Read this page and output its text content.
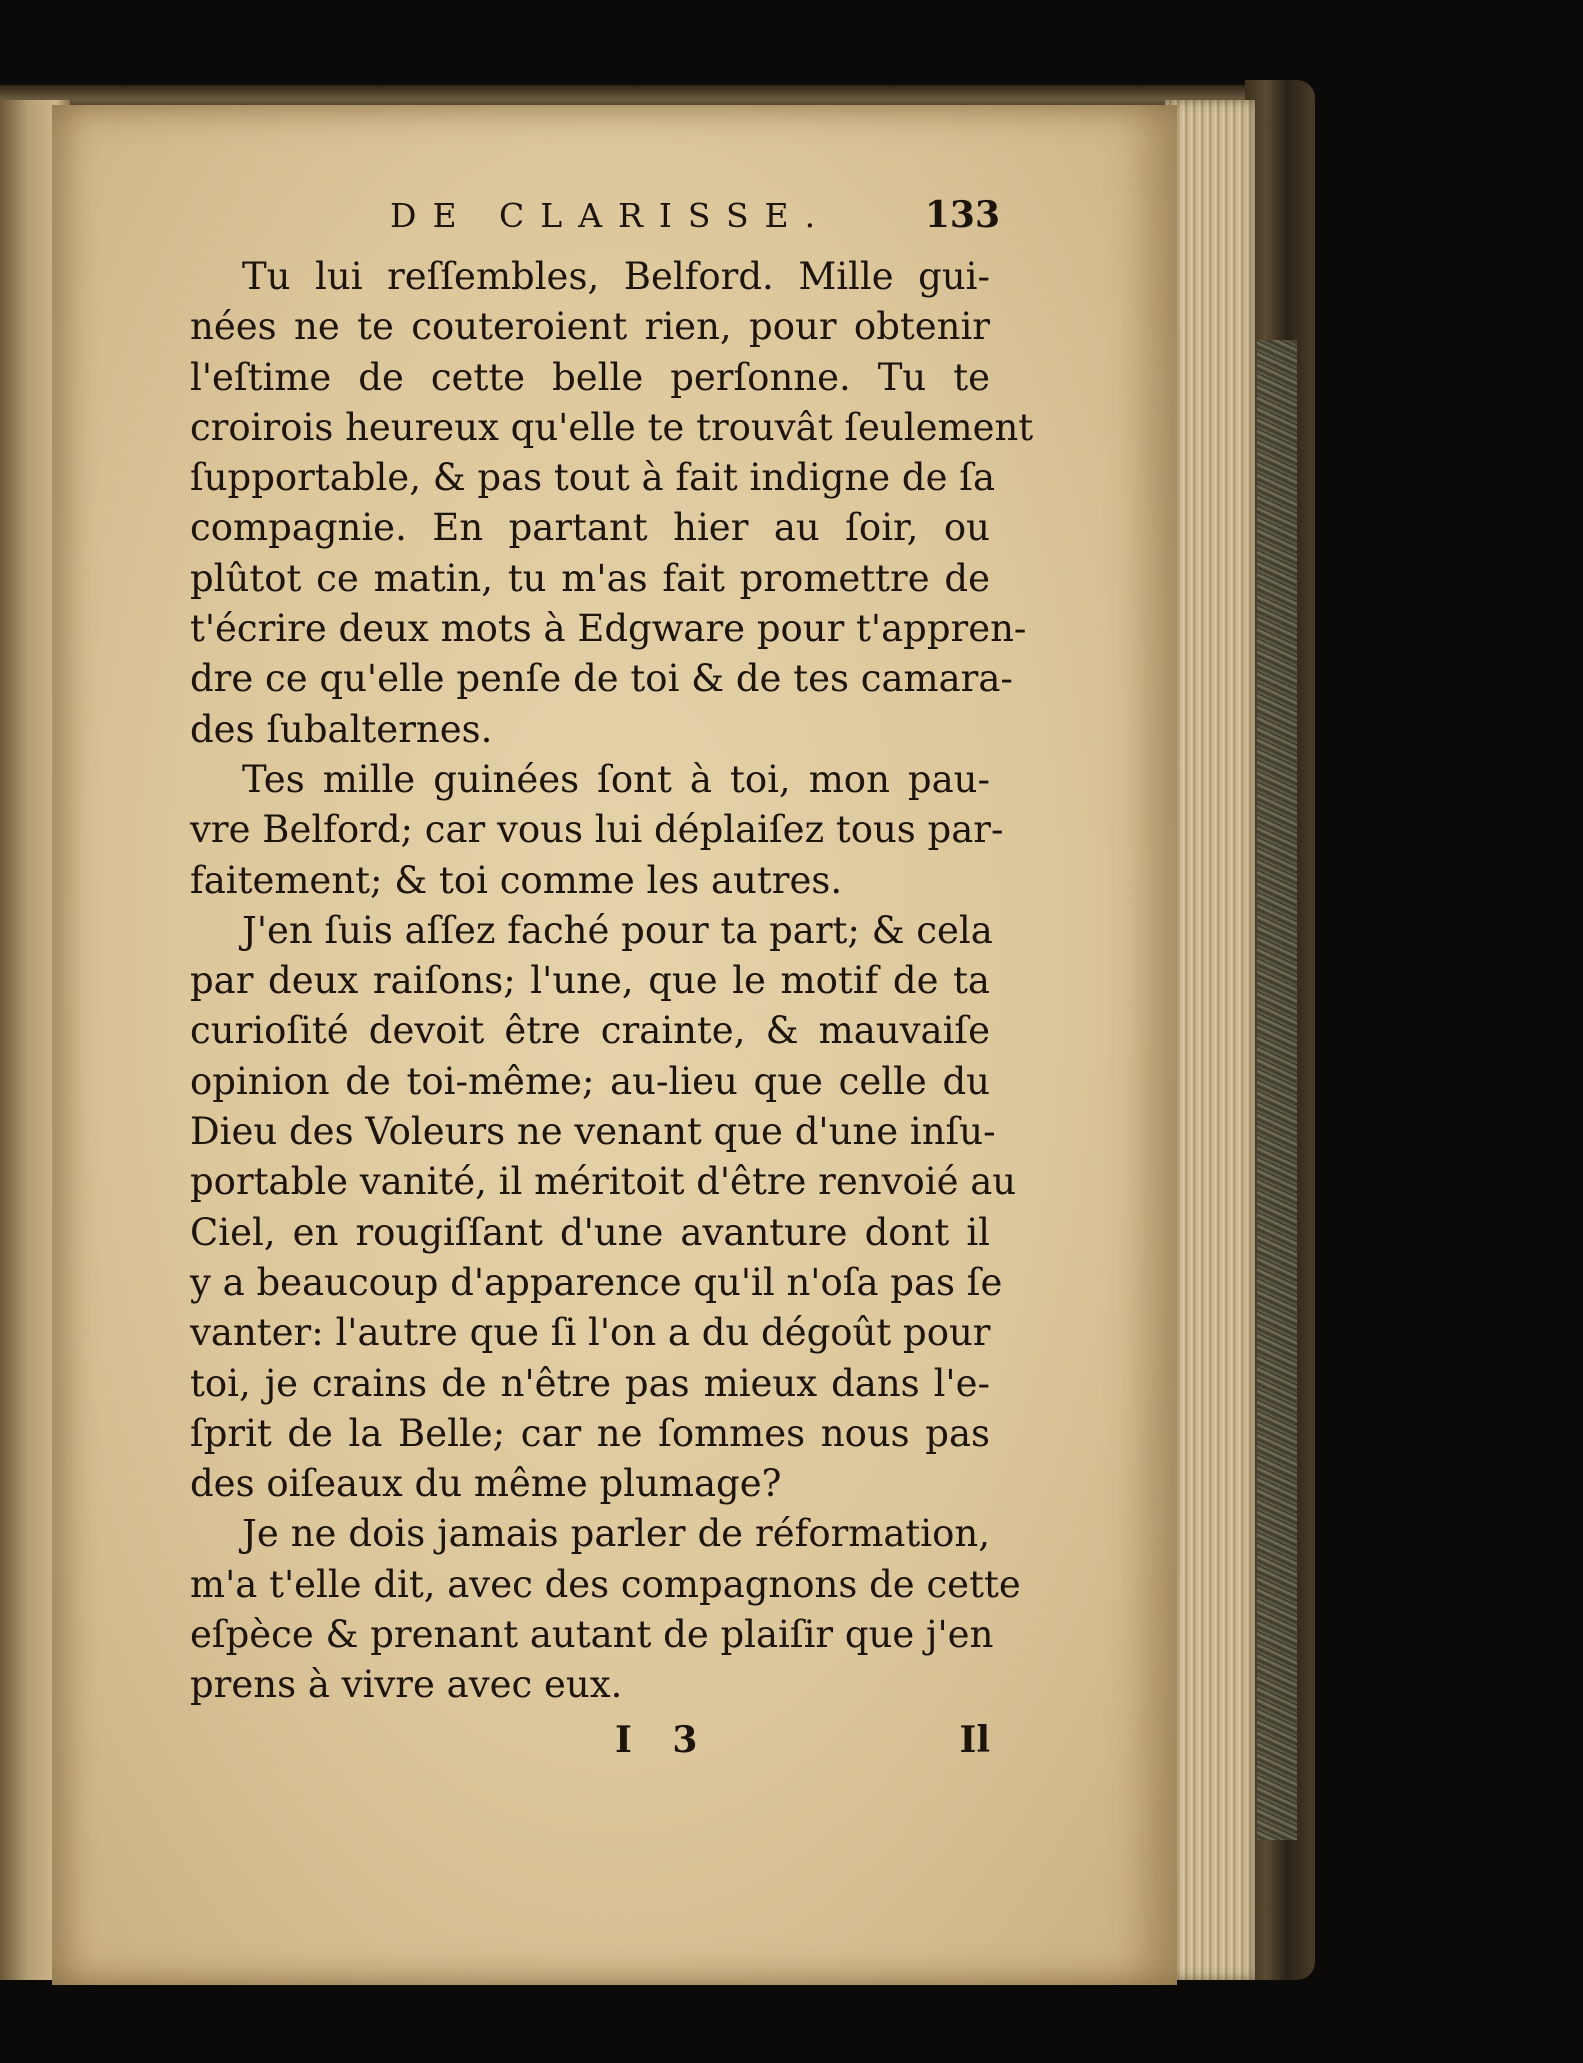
DE CLARISSE.	133
Tu lui reſſembles, Belford. Mille gui-
nées ne te couteroient rien, pour obtenir
l'eſtime de cette belle perſonne. Tu te
croirois heureux qu'elle te trouvât ſeulement
ſupportable, & pas tout à fait indigne de ſa
compagnie. En partant hier au ſoir, ou
plûtot ce matin, tu m'as fait promettre de
t'écrire deux mots à Edgware pour t'appren-
dre ce qu'elle penſe de toi & de tes camara-
des ſubalternes.
Tes mille guinées ſont à toi, mon pau-
vre Belford; car vous lui déplaiſez tous par-
faitement; & toi comme les autres.
J'en ſuis aſſez faché pour ta part; & cela
par deux raiſons; l'une, que le motif de ta
curioſité devoit être crainte, & mauvaiſe
opinion de toi-même; au-lieu que celle du
Dieu des Voleurs ne venant que d'une inſu-
portable vanité, il méritoit d'être renvoié au
Ciel, en rougiſſant d'une avanture dont il
y a beaucoup d'apparence qu'il n'oſa pas ſe
vanter: l'autre que ſi l'on a du dégoût pour
toi, je crains de n'être pas mieux dans l'e-
ſprit de la Belle; car ne ſommes nous pas
des oiſeaux du même plumage?
Je ne dois jamais parler de réformation,
m'a t'elle dit, avec des compagnons de cette
eſpèce & prenant autant de plaiſir que j'en
prens à vivre avec eux.
I 3	Il
